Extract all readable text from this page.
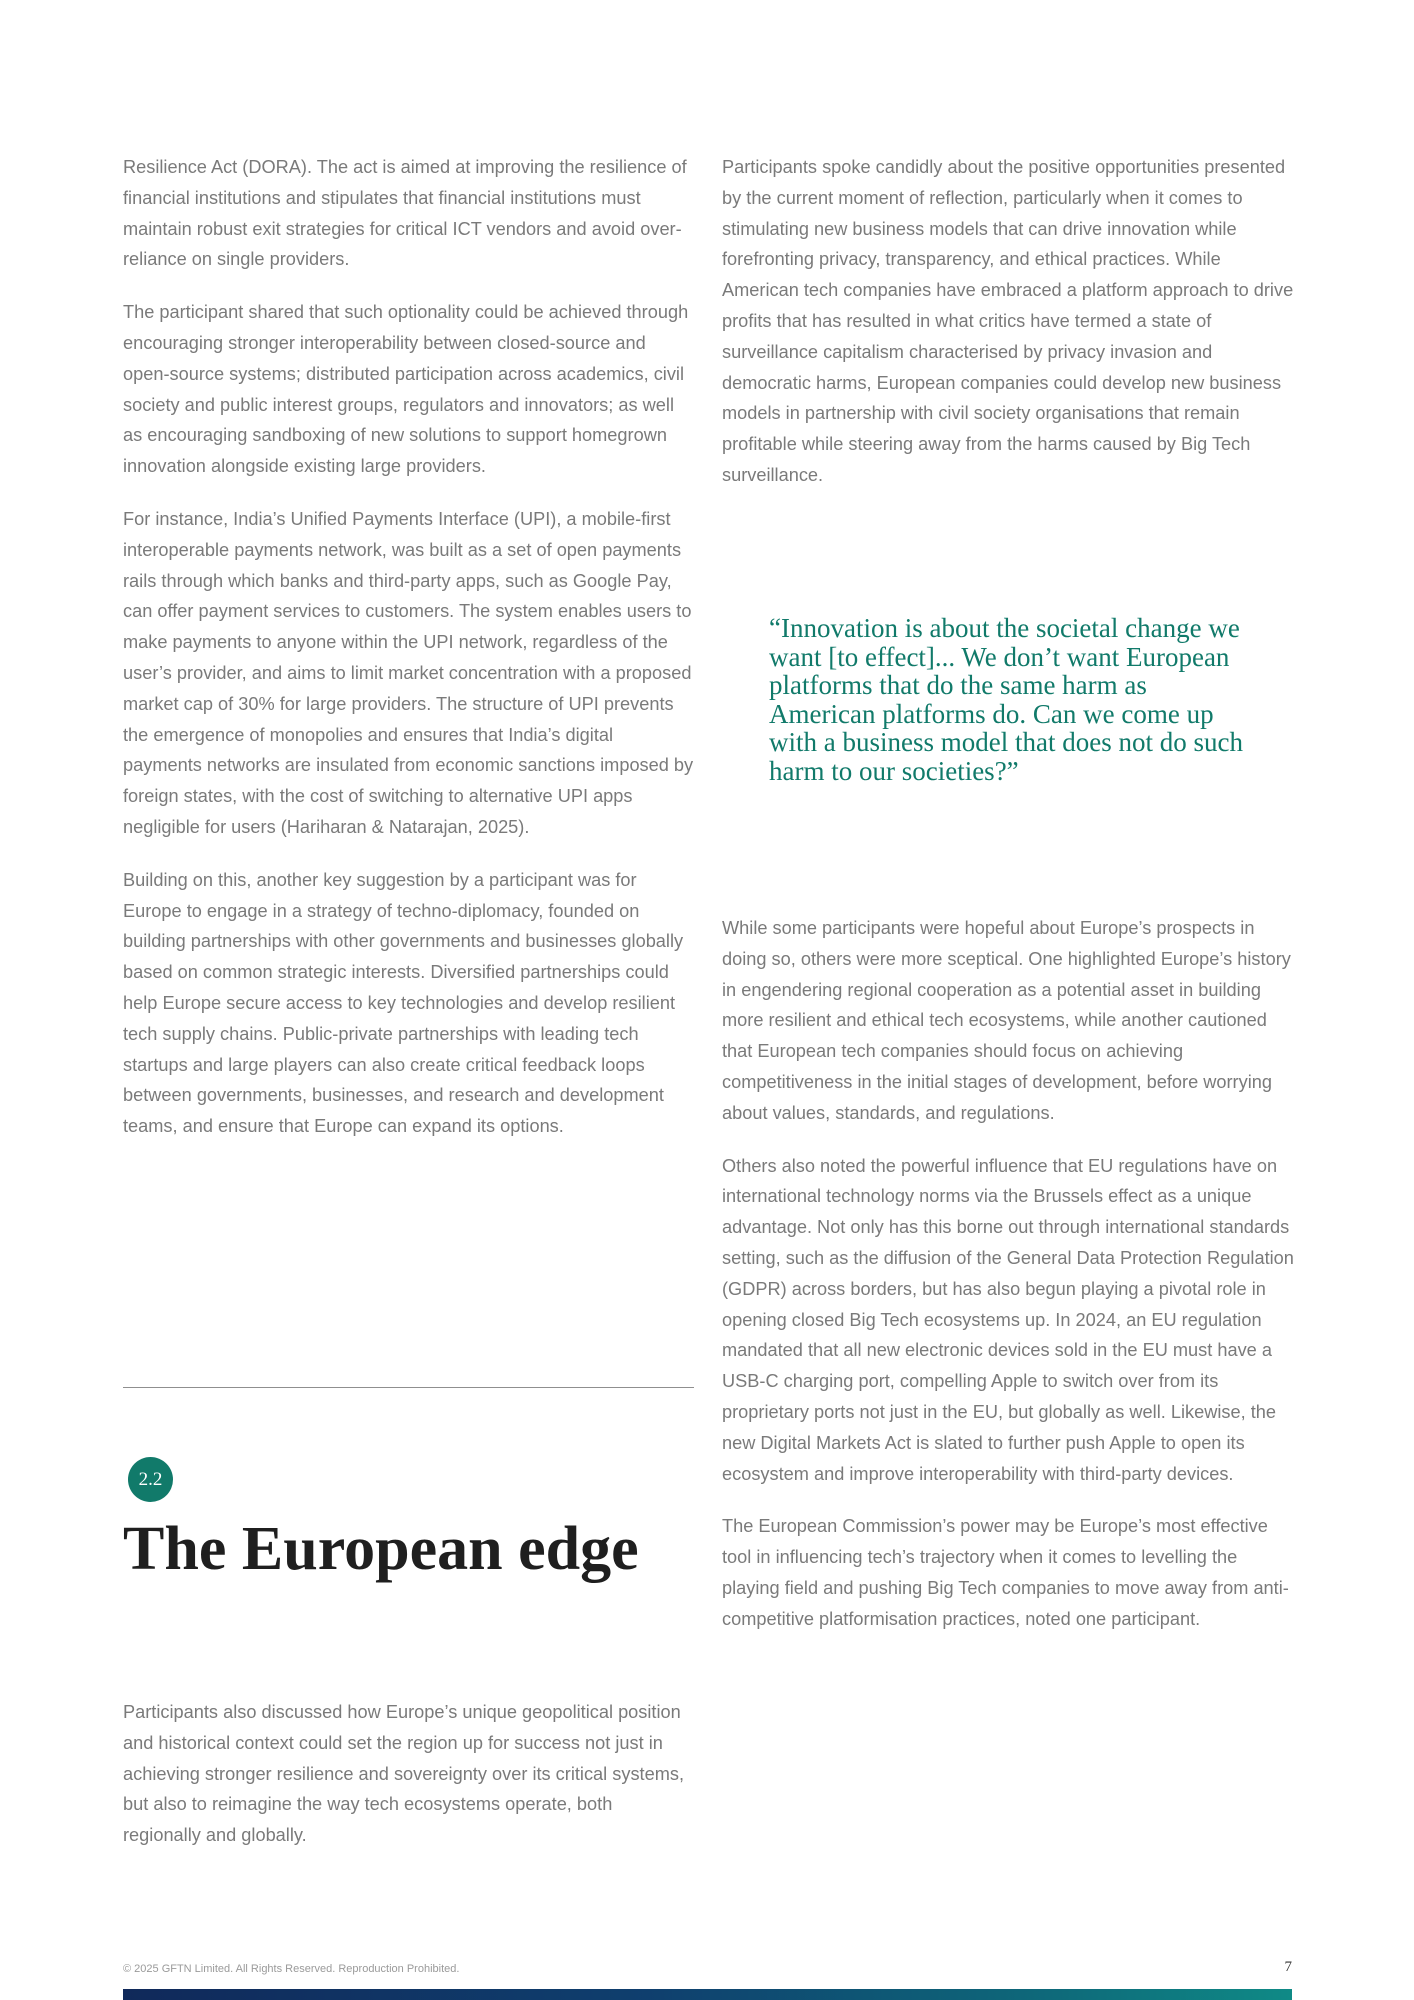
Resilience Act (DORA). The act is aimed at improving the resilience of financial institutions and stipulates that financial institutions must maintain robust exit strategies for critical ICT vendors and avoid over-reliance on single providers.

The participant shared that such optionality could be achieved through encouraging stronger interoperability between closed-source and open-source systems; distributed participation across academics, civil society and public interest groups, regulators and innovators; as well as encouraging sandboxing of new solutions to support homegrown innovation alongside existing large providers.

For instance, India’s Unified Payments Interface (UPI), a mobile-first interoperable payments network, was built as a set of open payments rails through which banks and third-party apps, such as Google Pay, can offer payment services to customers. The system enables users to make payments to anyone within the UPI network, regardless of the user’s provider, and aims to limit market concentration with a proposed market cap of 30% for large providers. The structure of UPI prevents the emergence of monopolies and ensures that India’s digital payments networks are insulated from economic sanctions imposed by foreign states, with the cost of switching to alternative UPI apps negligible for users (Hariharan & Natarajan, 2025).

Building on this, another key suggestion by a participant was for Europe to engage in a strategy of techno-diplomacy, founded on building partnerships with other governments and businesses globally based on common strategic interests. Diversified partnerships could help Europe secure access to key technologies and develop resilient tech supply chains. Public-private partnerships with leading tech startups and large players can also create critical feedback loops between governments, businesses, and research and development teams, and ensure that Europe can expand its options.

Participants spoke candidly about the positive opportunities presented by the current moment of reflection, particularly when it comes to stimulating new business models that can drive innovation while forefronting privacy, transparency, and ethical practices. While American tech companies have embraced a platform approach to drive profits that has resulted in what critics have termed a state of surveillance capitalism characterised by privacy invasion and democratic harms, European companies could develop new business models in partnership with civil society organisations that remain profitable while steering away from the harms caused by Big Tech surveillance.

“Innovation is about the societal change we want [to effect]... We don’t want European platforms that do the same harm as American platforms do. Can we come up with a business model that does not do such harm to our societies?”

While some participants were hopeful about Europe’s prospects in doing so, others were more sceptical. One highlighted Europe’s history in engendering regional cooperation as a potential asset in building more resilient and ethical tech ecosystems, while another cautioned that European tech companies should focus on achieving competitiveness in the initial stages of development, before worrying about values, standards, and regulations.

Others also noted the powerful influence that EU regulations have on international technology norms via the Brussels effect as a unique advantage. Not only has this borne out through international standards setting, such as the diffusion of the General Data Protection Regulation (GDPR) across borders, but has also begun playing a pivotal role in opening closed Big Tech ecosystems up. In 2024, an EU regulation mandated that all new electronic devices sold in the EU must have a USB-C charging port, compelling Apple to switch over from its proprietary ports not just in the EU, but globally as well. Likewise, the new Digital Markets Act is slated to further push Apple to open its ecosystem and improve interoperability with third-party devices.

The European Commission’s power may be Europe’s most effective tool in influencing tech’s trajectory when it comes to levelling the playing field and pushing Big Tech companies to move away from anti-competitive platformisation practices, noted one participant.

2.2
The European edge

Participants also discussed how Europe’s unique geopolitical position and historical context could set the region up for success not just in achieving stronger resilience and sovereignty over its critical systems, but also to reimagine the way tech ecosystems operate, both regionally and globally.

© 2025 GFTN Limited. All Rights Reserved. Reproduction Prohibited.	7
